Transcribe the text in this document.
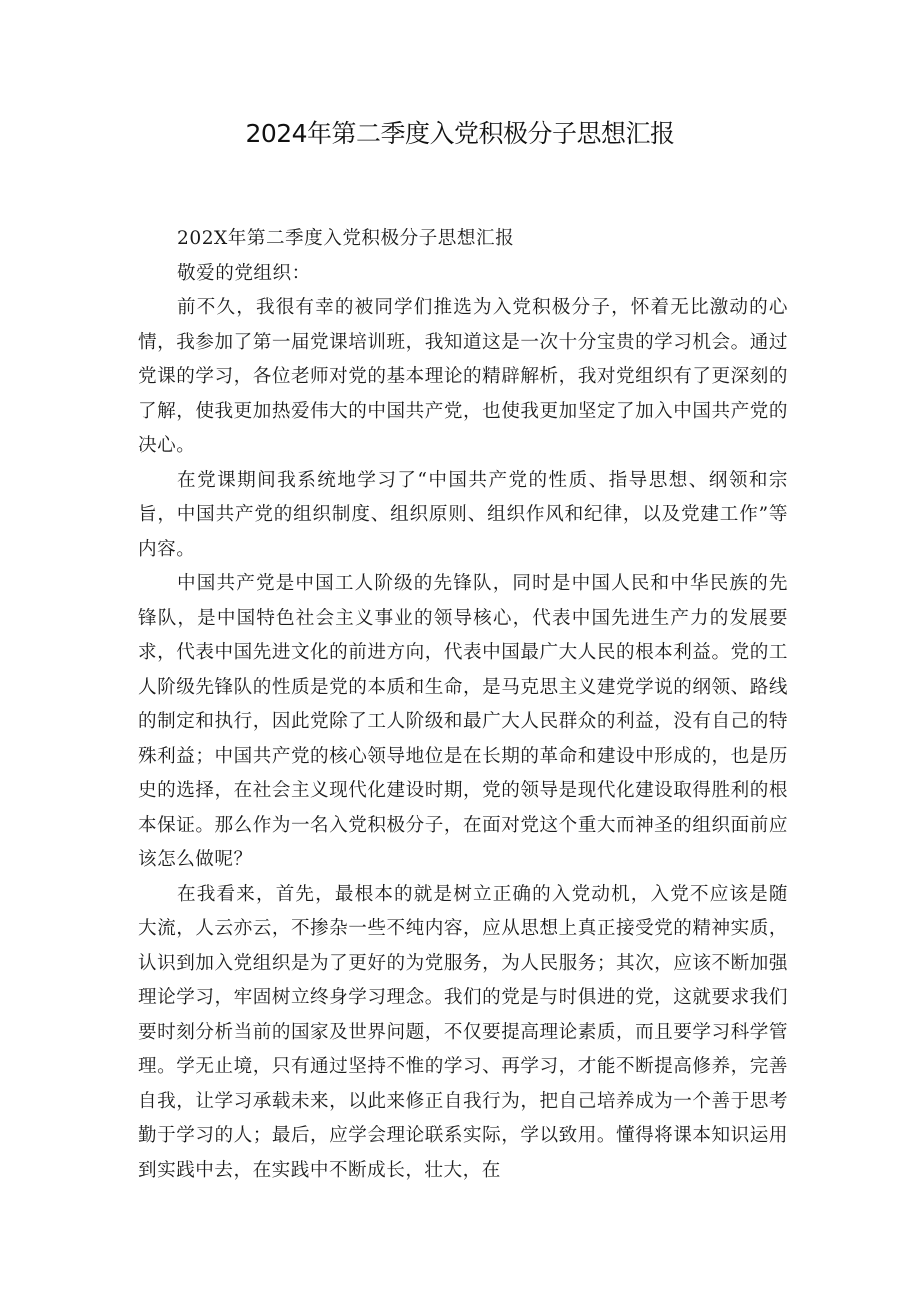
2024年第二季度入党积极分子思想汇报

202X年第二季度入党积极分子思想汇报

敬爱的党组织：

前不久，我很有幸的被同学们推选为入党积极分子，怀着无比激动的心情，我参加了第一届党课培训班，我知道这是一次十分宝贵的学习机会。通过党课的学习，各位老师对党的基本理论的精辟解析，我对党组织有了更深刻的了解，使我更加热爱伟大的中国共产党，也使我更加坚定了加入中国共产党的决心。

在党课期间我系统地学习了“中国共产党的性质、指导思想、纲领和宗旨，中国共产党的组织制度、组织原则、组织作风和纪律，以及党建工作”等内容。

中国共产党是中国工人阶级的先锋队，同时是中国人民和中华民族的先锋队，是中国特色社会主义事业的领导核心，代表中国先进生产力的发展要求，代表中国先进文化的前进方向，代表中国最广大人民的根本利益。党的工人阶级先锋队的性质是党的本质和生命，是马克思主义建党学说的纲领、路线的制定和执行，因此党除了工人阶级和最广大人民群众的利益，没有自己的特殊利益；中国共产党的核心领导地位是在长期的革命和建设中形成的，也是历史的选择，在社会主义现代化建设时期，党的领导是现代化建设取得胜利的根本保证。那么作为一名入党积极分子，在面对党这个重大而神圣的组织面前应该怎么做呢？

在我看来，首先，最根本的就是树立正确的入党动机，入党不应该是随大流，人云亦云，不掺杂一些不纯内容，应从思想上真正接受党的精神实质，认识到加入党组织是为了更好的为党服务，为人民服务；其次，应该不断加强理论学习，牢固树立终身学习理念。我们的党是与时俱进的党，这就要求我们要时刻分析当前的国家及世界问题，不仅要提高理论素质，而且要学习科学管理。学无止境，只有通过坚持不惟的学习、再学习，才能不断提高修养，完善自我，让学习承载未来，以此来修正自我行为，把自己培养成为一个善于思考勤于学习的人；最后，应学会理论联系实际，学以致用。懂得将课本知识运用到实践中去，在实践中不断成长，壮大，在
